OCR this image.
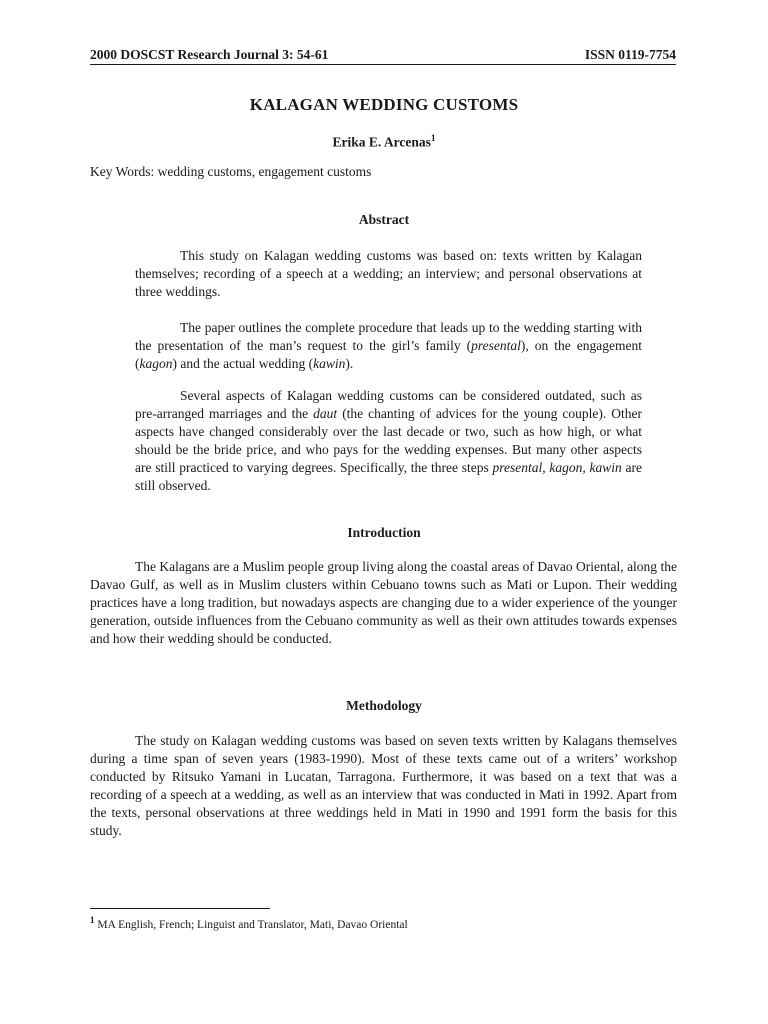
2000 DOSCST Research Journal 3: 54-61	ISSN 0119-7754
KALAGAN WEDDING CUSTOMS
Erika E. Arcenas$^1$
Key Words: wedding customs, engagement customs
Abstract

This study on Kalagan wedding customs was based on: texts written by Kalagan themselves; recording of a speech at a wedding; an interview; and personal observations at three weddings.

The paper outlines the complete procedure that leads up to the wedding starting with the presentation of the man’s request to the girl’s family (presental), on the engagement (kagon) and the actual wedding (kawin).

Several aspects of Kalagan wedding customs can be considered outdated, such as pre-arranged marriages and the daut (the chanting of advices for the young couple). Other aspects have changed considerably over the last decade or two, such as how high, or what should be the bride price, and who pays for the wedding expenses. But many other aspects are still practiced to varying degrees. Specifically, the three steps presental, kagon, kawin are still observed.

Introduction

The Kalagans are a Muslim people group living along the coastal areas of Davao Oriental, along the Davao Gulf, as well as in Muslim clusters within Cebuano towns such as Mati or Lupon. Their wedding practices have a long tradition, but nowadays aspects are changing due to a wider experience of the younger generation, outside influences from the Cebuano community as well as their own attitudes towards expenses and how their wedding should be conducted.

Methodology

The study on Kalagan wedding customs was based on seven texts written by Kalagans themselves during a time span of seven years (1983-1990). Most of these texts came out of a writers’ workshop conducted by Ritsuko Yamani in Lucatan, Tarragona. Furthermore, it was based on a text that was a recording of a speech at a wedding, as well as an interview that was conducted in Mati in 1992. Apart from the texts, personal observations at three weddings held in Mati in 1990 and 1991 form the basis for this study.

$^1$ MA English, French; Linguist and Translator, Mati, Davao Oriental
